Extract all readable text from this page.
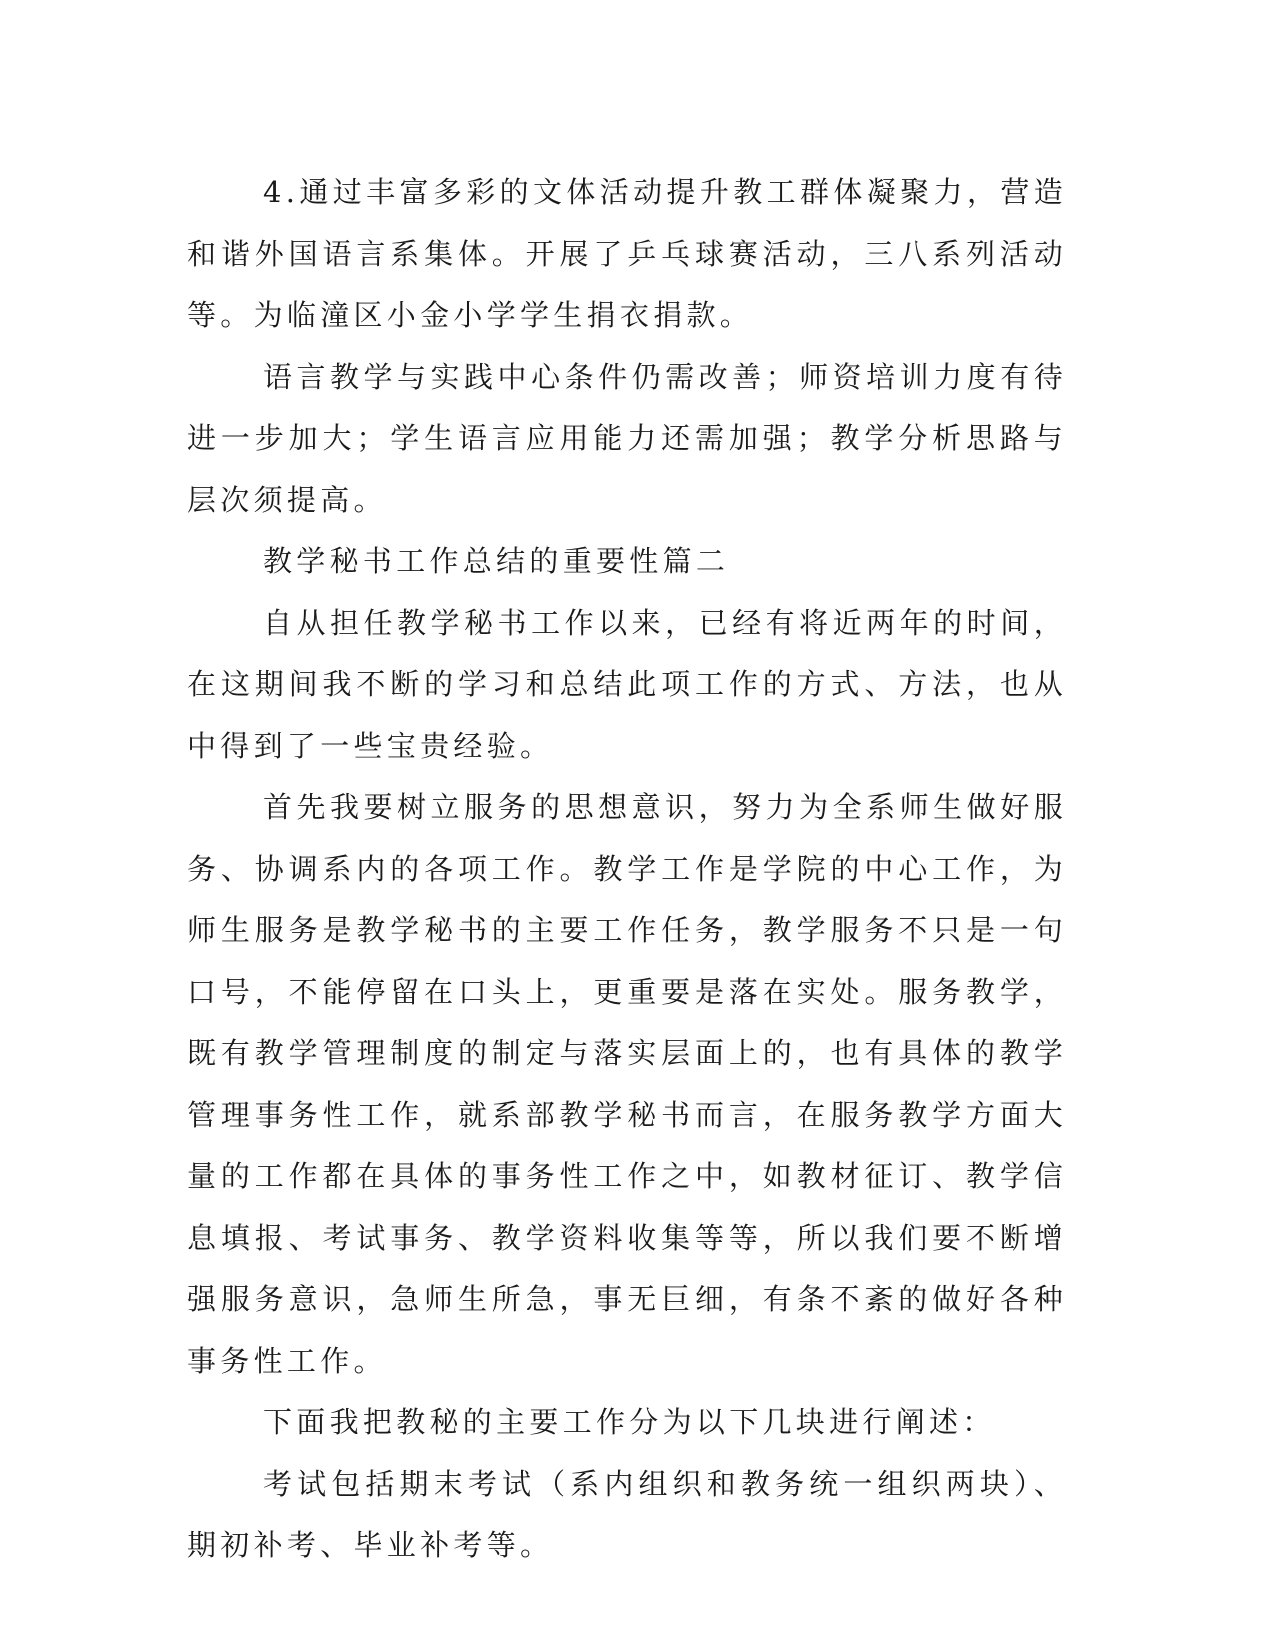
4.通过丰富多彩的文体活动提升教工群体凝聚力，营造和谐外国语言系集体。开展了乒乓球赛活动，三八系列活动等。为临潼区小金小学学生捐衣捐款。

语言教学与实践中心条件仍需改善；师资培训力度有待进一步加大；学生语言应用能力还需加强；教学分析思路与层次须提高。

教学秘书工作总结的重要性篇二

自从担任教学秘书工作以来，已经有将近两年的时间，在这期间我不断的学习和总结此项工作的方式、方法，也从中得到了一些宝贵经验。

首先我要树立服务的思想意识，努力为全系师生做好服务、协调系内的各项工作。教学工作是学院的中心工作，为师生服务是教学秘书的主要工作任务，教学服务不只是一句口号，不能停留在口头上，更重要是落在实处。服务教学，既有教学管理制度的制定与落实层面上的，也有具体的教学管理事务性工作，就系部教学秘书而言，在服务教学方面大量的工作都在具体的事务性工作之中，如教材征订、教学信息填报、考试事务、教学资料收集等等，所以我们要不断增强服务意识，急师生所急，事无巨细，有条不紊的做好各种事务性工作。

下面我把教秘的主要工作分为以下几块进行阐述：

考试包括期末考试（系内组织和教务统一组织两块）、期初补考、毕业补考等。
